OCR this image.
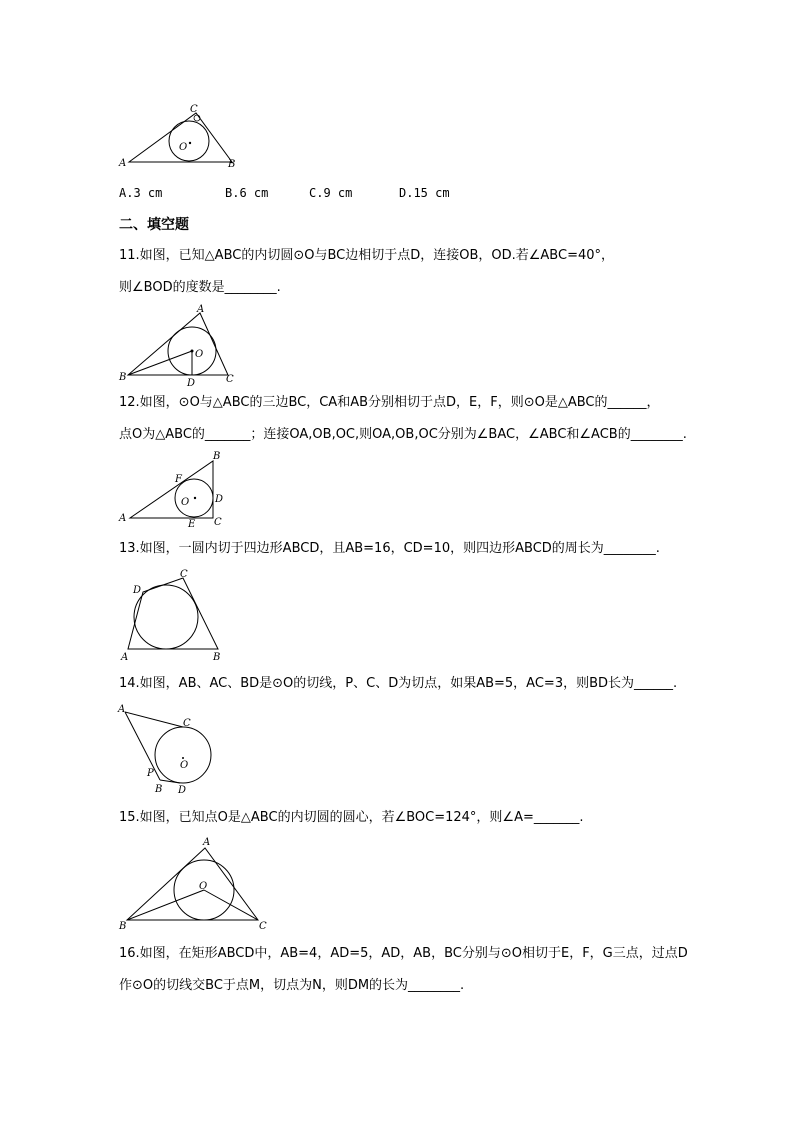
A	B
C
O
A.3 cm	B.6 cm	C.9 cm	D.15 cm
二、填空题
11.如图，已知△ABC的内切圆⊙O与BC边相切于点D，连接OB，OD.若∠ABC=40°，
则∠BOD的度数是________.
A
B	C
D
O
12.如图，⊙O与△ABC的三边BC，CA和AB分别相切于点D，E，F，则⊙O是△ABC的______，
点O为△ABC的_______；连接OA,OB,OC,则OA,OB,OC分别为∠BAC，∠ABC和∠ACB的________.
B
A	C
D
E
F
O
13.如图，一圆内切于四边形ABCD，且AB=16，CD=10，则四边形ABCD的周长为________.
A	B
C
D
14.如图，AB、AC、BD是⊙O的切线，P、C、D为切点，如果AB=5，AC=3，则BD长为______.
A
C
P
B D
O
15.如图，已知点O是△ABC的内切圆的圆心，若∠BOC=124°，则∠A=_______.
A
B	C
O
16.如图，在矩形ABCD中，AB=4，AD=5，AD，AB，BC分别与⊙O相切于E，F，G三点，过点D
作⊙O的切线交BC于点M，切点为N，则DM的长为________.
